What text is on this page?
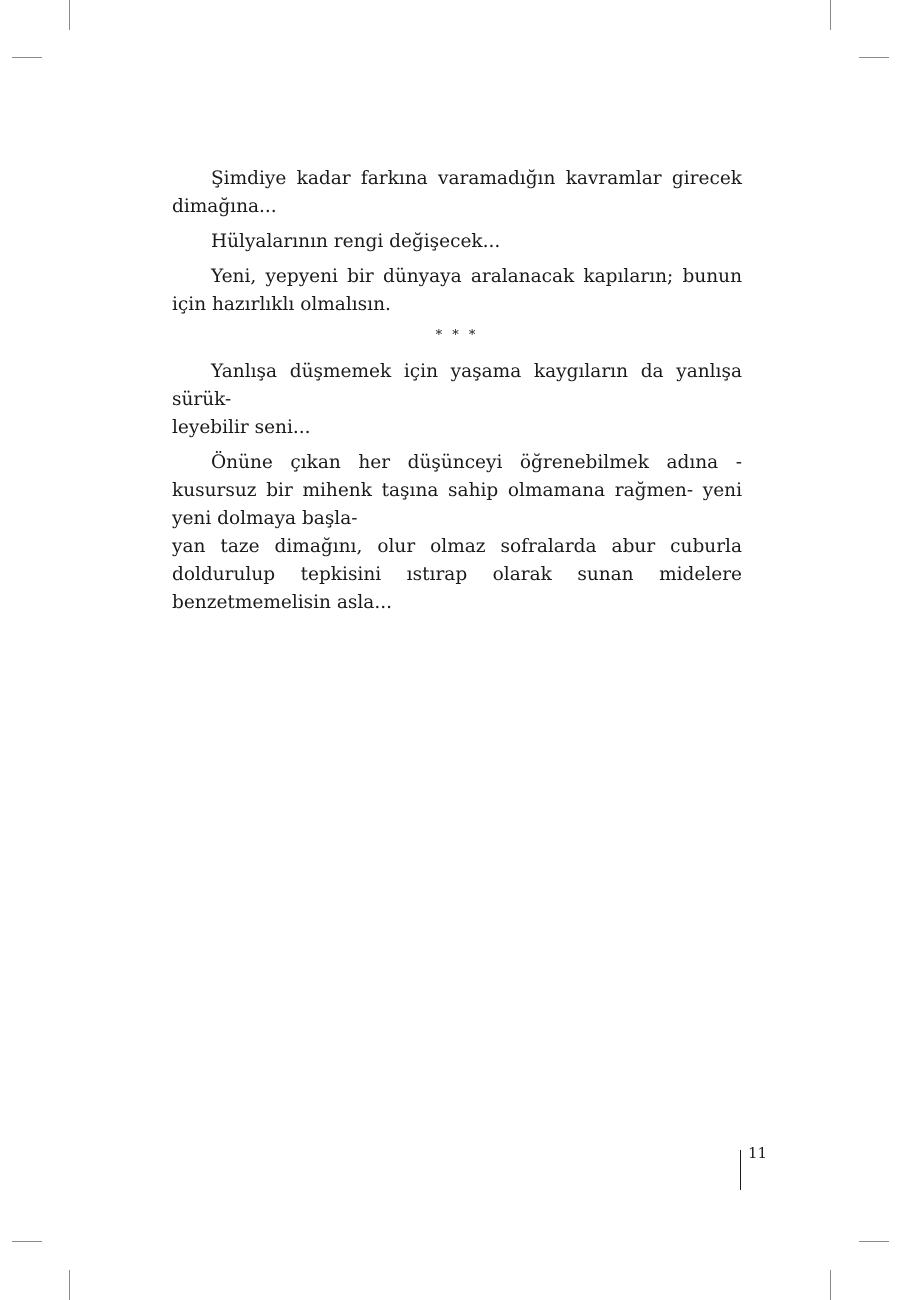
Şimdiye kadar farkına varamadığın kavramlar girecek dimağına...

Hülyalarının rengi değişecek...

Yeni, yepyeni bir dünyaya aralanacak kapıların; bunun için hazırlıklı olmalısın.

* * *

Yanlışa düşmemek için yaşama kaygıların da yanlışa sürük-
leyebilir seni...

Önüne çıkan her düşünceyi öğrenebilmek adına -kusursuz bir mihenk taşına sahip olmamana rağmen- yeni yeni dolmaya başla-
yan taze dimağını, olur olmaz sofralarda abur cuburla doldurulup tepkisini ıstırap olarak sunan midelere benzetmemelisin asla...

11
